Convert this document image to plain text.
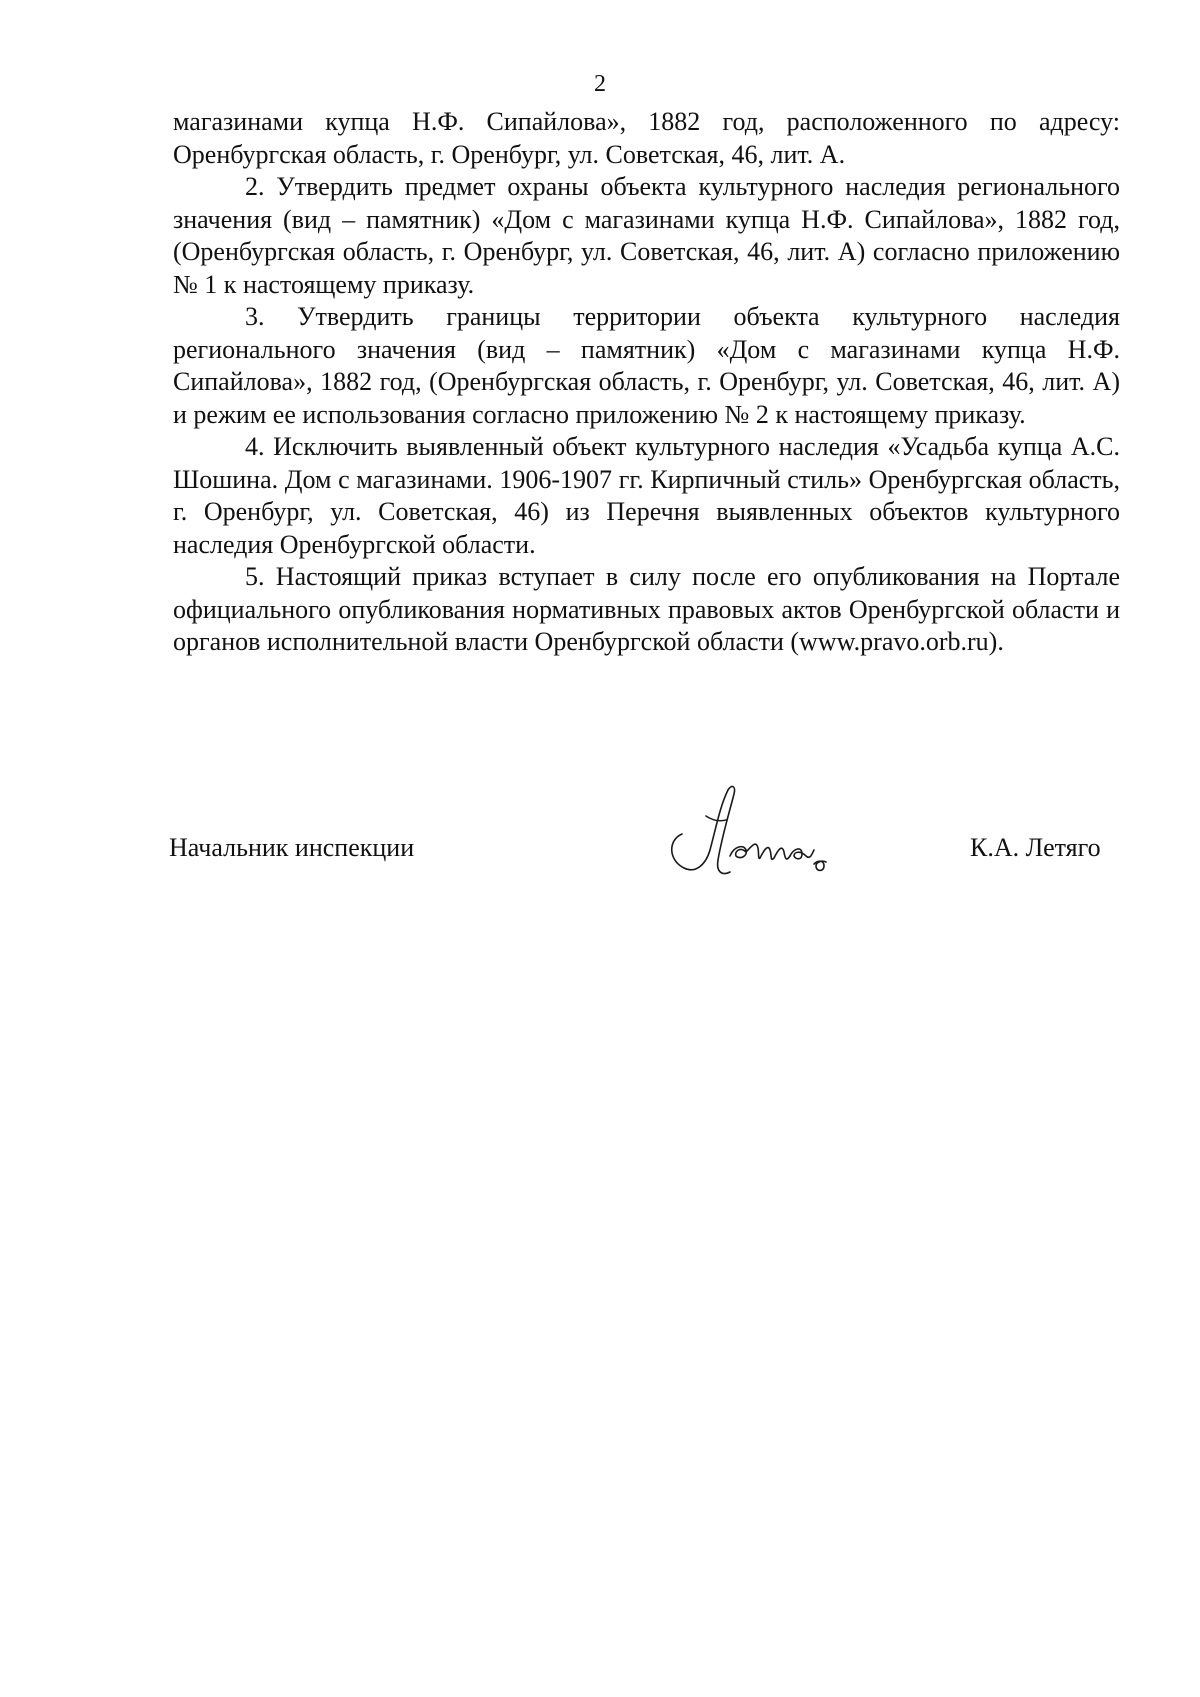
2

магазинами купца Н.Ф. Сипайлова», 1882 год, расположенного по адресу: Оренбургская область, г. Оренбург, ул. Советская, 46, лит. А.

2. Утвердить предмет охраны объекта культурного наследия регионального значения (вид – памятник) «Дом с магазинами купца Н.Ф. Сипайлова», 1882 год, (Оренбургская область, г. Оренбург, ул. Советская, 46, лит. А) согласно приложению № 1 к настоящему приказу.

3. Утвердить границы территории объекта культурного наследия регионального значения (вид – памятник) «Дом с магазинами купца Н.Ф. Сипайлова», 1882 год, (Оренбургская область, г. Оренбург, ул. Советская, 46, лит. А) и режим ее использования согласно приложению № 2 к настоящему приказу.

4. Исключить выявленный объект культурного наследия «Усадьба купца А.С. Шошина. Дом с магазинами. 1906-1907 гг. Кирпичный стиль» Оренбургская область, г. Оренбург, ул. Советская, 46) из Перечня выявленных объектов культурного наследия Оренбургской области.

5. Настоящий приказ вступает в силу после его опубликования на Портале официального опубликования нормативных правовых актов Оренбургской области и органов исполнительной власти Оренбургской области (www.pravo.orb.ru).

Начальник инспекции	К.А. Летяго
